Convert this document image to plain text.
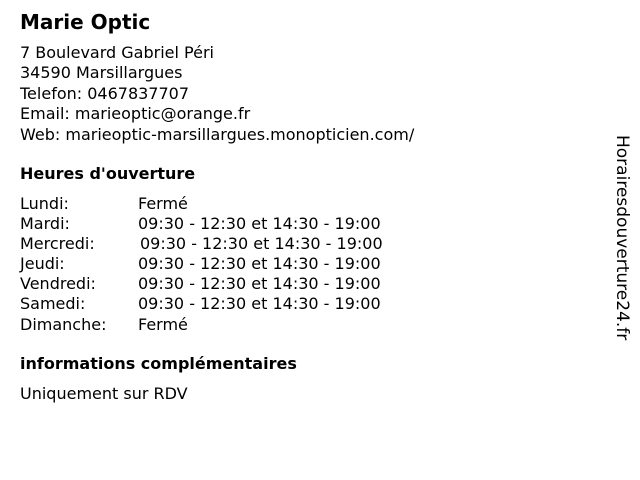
Marie Optic
7 Boulevard Gabriel Péri
34590 Marsillargues
Telefon: 0467837707
Email: marieoptic@orange.fr
Web: marieoptic-marsillargues.monopticien.com/
Heures d'ouverture
Lundi:	Fermé
Mardi:	09:30 - 12:30 et 14:30 - 19:00
Mercredi:	09:30 - 12:30 et 14:30 - 19:00
Jeudi:	09:30 - 12:30 et 14:30 - 19:00
Vendredi:	09:30 - 12:30 et 14:30 - 19:00
Samedi:	09:30 - 12:30 et 14:30 - 19:00
Dimanche: Fermé
informations complémentaires
Uniquement sur RDV
Horairesdouverture24.fr
